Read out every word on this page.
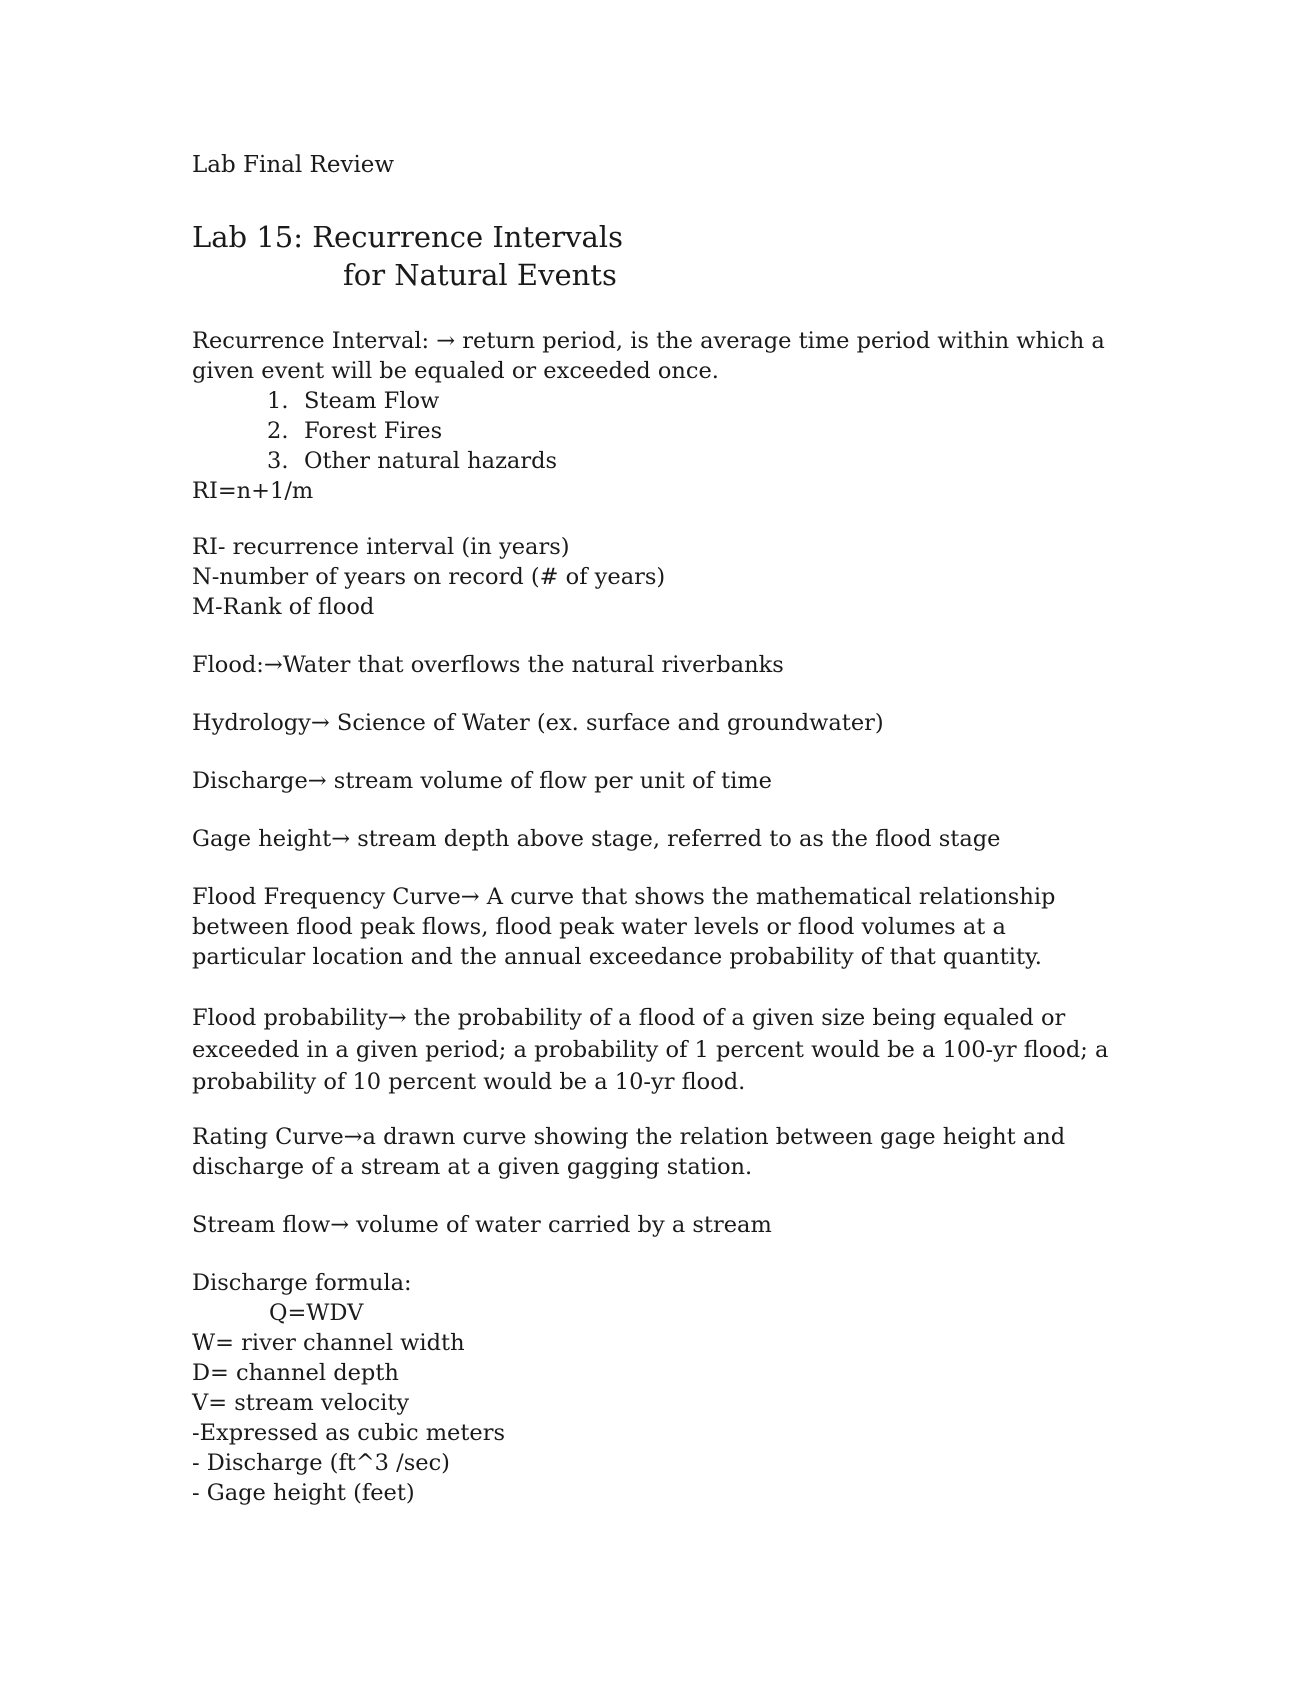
Lab Final Review
Lab 15: Recurrence Intervals
for Natural Events
Recurrence Interval: → return period, is the average time period within which a given event will be equaled or exceeded once.
1. Steam Flow
2. Forest Fires
3. Other natural hazards
RI=n+1/m
RI- recurrence interval (in years)
N-number of years on record (# of years)
M-Rank of flood
Flood:→Water that overflows the natural riverbanks
Hydrology→ Science of Water (ex. surface and groundwater)
Discharge→ stream volume of flow per unit of time
Gage height→ stream depth above stage, referred to as the flood stage
Flood Frequency Curve→ A curve that shows the mathematical relationship between flood peak flows, flood peak water levels or flood volumes at a particular location and the annual exceedance probability of that quantity.
Flood probability→ the probability of a flood of a given size being equaled or exceeded in a given period; a probability of 1 percent would be a 100-yr flood; a probability of 10 percent would be a 10-yr flood.
Rating Curve→a drawn curve showing the relation between gage height and discharge of a stream at a given gagging station.
Stream flow→ volume of water carried by a stream
Discharge formula:
Q=WDV
W= river channel width
D= channel depth
V= stream velocity
-Expressed as cubic meters
- Discharge (ft^3 /sec)
- Gage height (feet)
